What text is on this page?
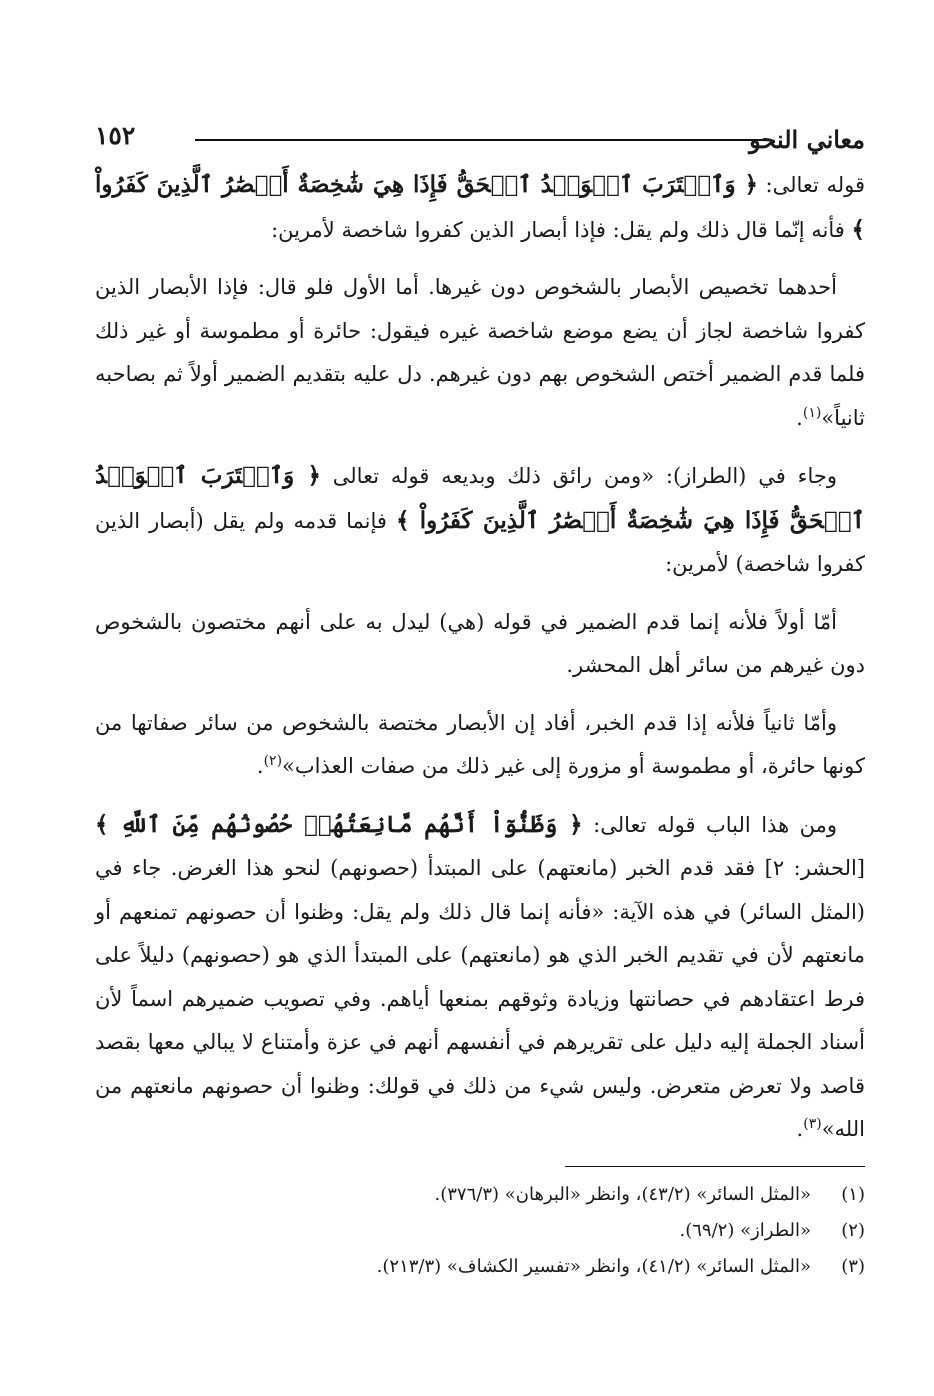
١٥٢	معاني النحو

قوله تعالى: ﴿ وَٱقۡتَرَبَ ٱلۡوَعۡدُ ٱلۡحَقُّ فَإِذَا هِيَ شَٰخِصَةٌ أَبۡصَٰرُ ٱلَّذِينَ كَفَرُواْ ﴾ فأنه إنّما قال ذلك ولم يقل: فإذا أبصار الذين كفروا شاخصة لأمرين:

أحدهما تخصيص الأبصار بالشخوص دون غيرها. أما الأول فلو قال: فإذا الأبصار الذين كفروا شاخصة لجاز أن يضع موضع شاخصة غيره فيقول: حائرة أو مطموسة أو غير ذلك فلما قدم الضمير أختص الشخوص بهم دون غيرهم. دل عليه بتقديم الضمير أولاً ثم بصاحبه ثانياً»$^{(١)}$.

وجاء في (الطراز): «ومن رائق ذلك وبديعه قوله تعالى ﴿ وَٱقۡتَرَبَ ٱلۡوَعۡدُ ٱلۡحَقُّ فَإِذَا هِيَ شَٰخِصَةٌ أَبۡصَٰرُ ٱلَّذِينَ كَفَرُواْ ﴾ فإنما قدمه ولم يقل (أبصار الذين كفروا شاخصة) لأمرين:

أمّا أولاً فلأنه إنما قدم الضمير في قوله (هي) ليدل به على أنهم مختصون بالشخوص دون غيرهم من سائر أهل المحشر.

وأمّا ثانياً فلأنه إذا قدم الخبر، أفاد إن الأبصار مختصة بالشخوص من سائر صفاتها من كونها حائرة، أو مطموسة أو مزورة إلى غير ذلك من صفات العذاب»$^{(٢)}$.

ومن هذا الباب قوله تعالى: ﴿ وَظَنُّوٓاْ أَنَّهُم مَّانِعَتُهُمۡ حُصُونُهُم مِّنَ ٱللَّهِ ﴾ [الحشر: ٢] فقد قدم الخبر (مانعتهم) على المبتدأ (حصونهم) لنحو هذا الغرض. جاء في (المثل السائر) في هذه الآية: «فأنه إنما قال ذلك ولم يقل: وظنوا أن حصونهم تمنعهم أو مانعتهم لأن في تقديم الخبر الذي هو (مانعتهم) على المبتدأ الذي هو (حصونهم) دليلاً على فرط اعتقادهم في حصانتها وزيادة وثوقهم بمنعها أياهم. وفي تصويب ضميرهم اسماً لأن أسناد الجملة إليه دليل على تقريرهم في أنفسهم أنهم في عزة وأمتناع لا يبالي معها بقصد قاصد ولا تعرض متعرض. وليس شيء من ذلك في قولك: وظنوا أن حصونهم مانعتهم من الله»$^{(٣)}$.

(١)«المثل السائر» (٤٣/٢)، وانظر «البرهان» (٣٧٦/٣).

(٢)«الطراز» (٦٩/٢).

(٣)«المثل السائر» (٤١/٢)، وانظر «تفسير الكشاف» (٢١٣/٣).
